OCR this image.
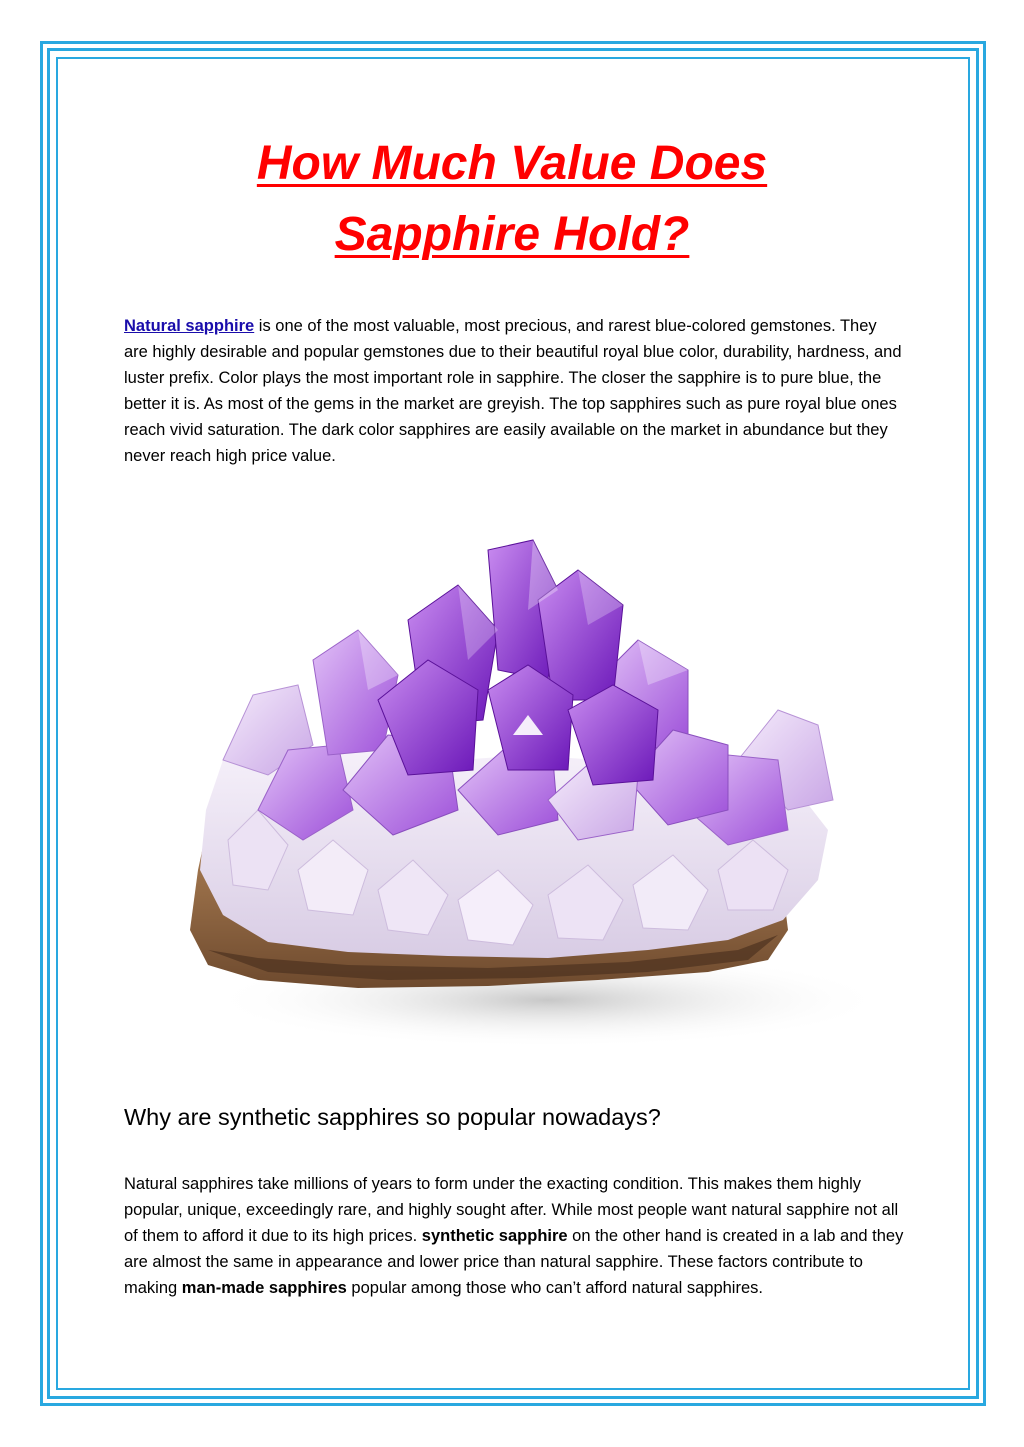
How Much Value Does
Sapphire Hold?

Natural sapphire is one of the most valuable, most precious, and rarest blue-colored gemstones. They are highly desirable and popular gemstones due to their beautiful royal blue color, durability, hardness, and luster prefix. Color plays the most important role in sapphire. The closer the sapphire is to pure blue, the better it is. As most of the gems in the market are greyish. The top sapphires such as pure royal blue ones reach vivid saturation. The dark color sapphires are easily available on the market in abundance but they never reach high price value.

Why are synthetic sapphires so popular nowadays?

Natural sapphires take millions of years to form under the exacting condition. This makes them highly popular, unique, exceedingly rare, and highly sought after. While most people want natural sapphire not all of them to afford it due to its high prices. synthetic sapphire on the other hand is created in a lab and they are almost the same in appearance and lower price than natural sapphire. These factors contribute to making man-made sapphires popular among those who can’t afford natural sapphires.
